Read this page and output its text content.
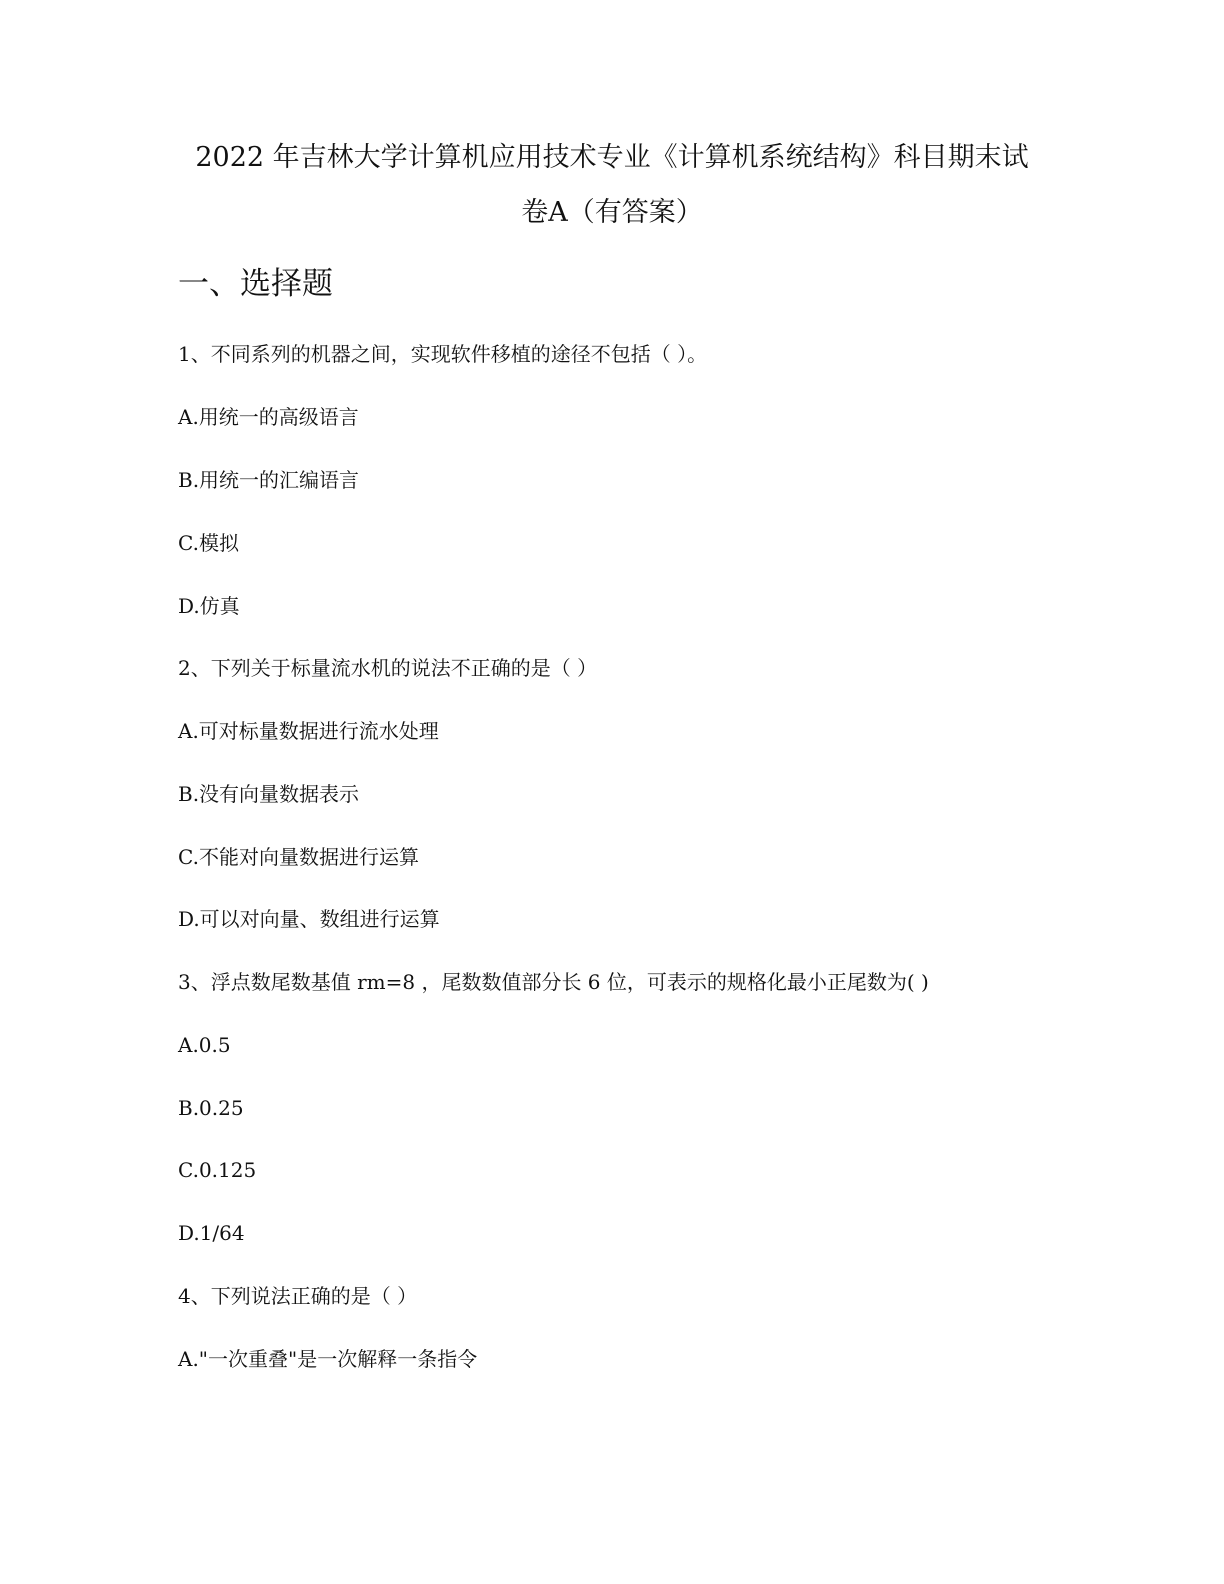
2022 年吉林大学计算机应用技术专业《计算机系统结构》科目期末试
卷A（有答案）
一、选择题
1、不同系列的机器之间，实现软件移植的途径不包括（ ）。
A.用统一的高级语言
B.用统一的汇编语言
C.模拟
D.仿真
2、下列关于标量流水机的说法不正确的是（ ）
A.可对标量数据进行流水处理
B.没有向量数据表示
C.不能对向量数据进行运算
D.可以对向量、数组进行运算
3、浮点数尾数基值 rm=8 ，尾数数值部分长 6 位，可表示的规格化最小正尾数为( )
A.0.5
B.0.25
C.0.125
D.1/64
4、下列说法正确的是（ ）
A."一次重叠"是一次解释一条指令
